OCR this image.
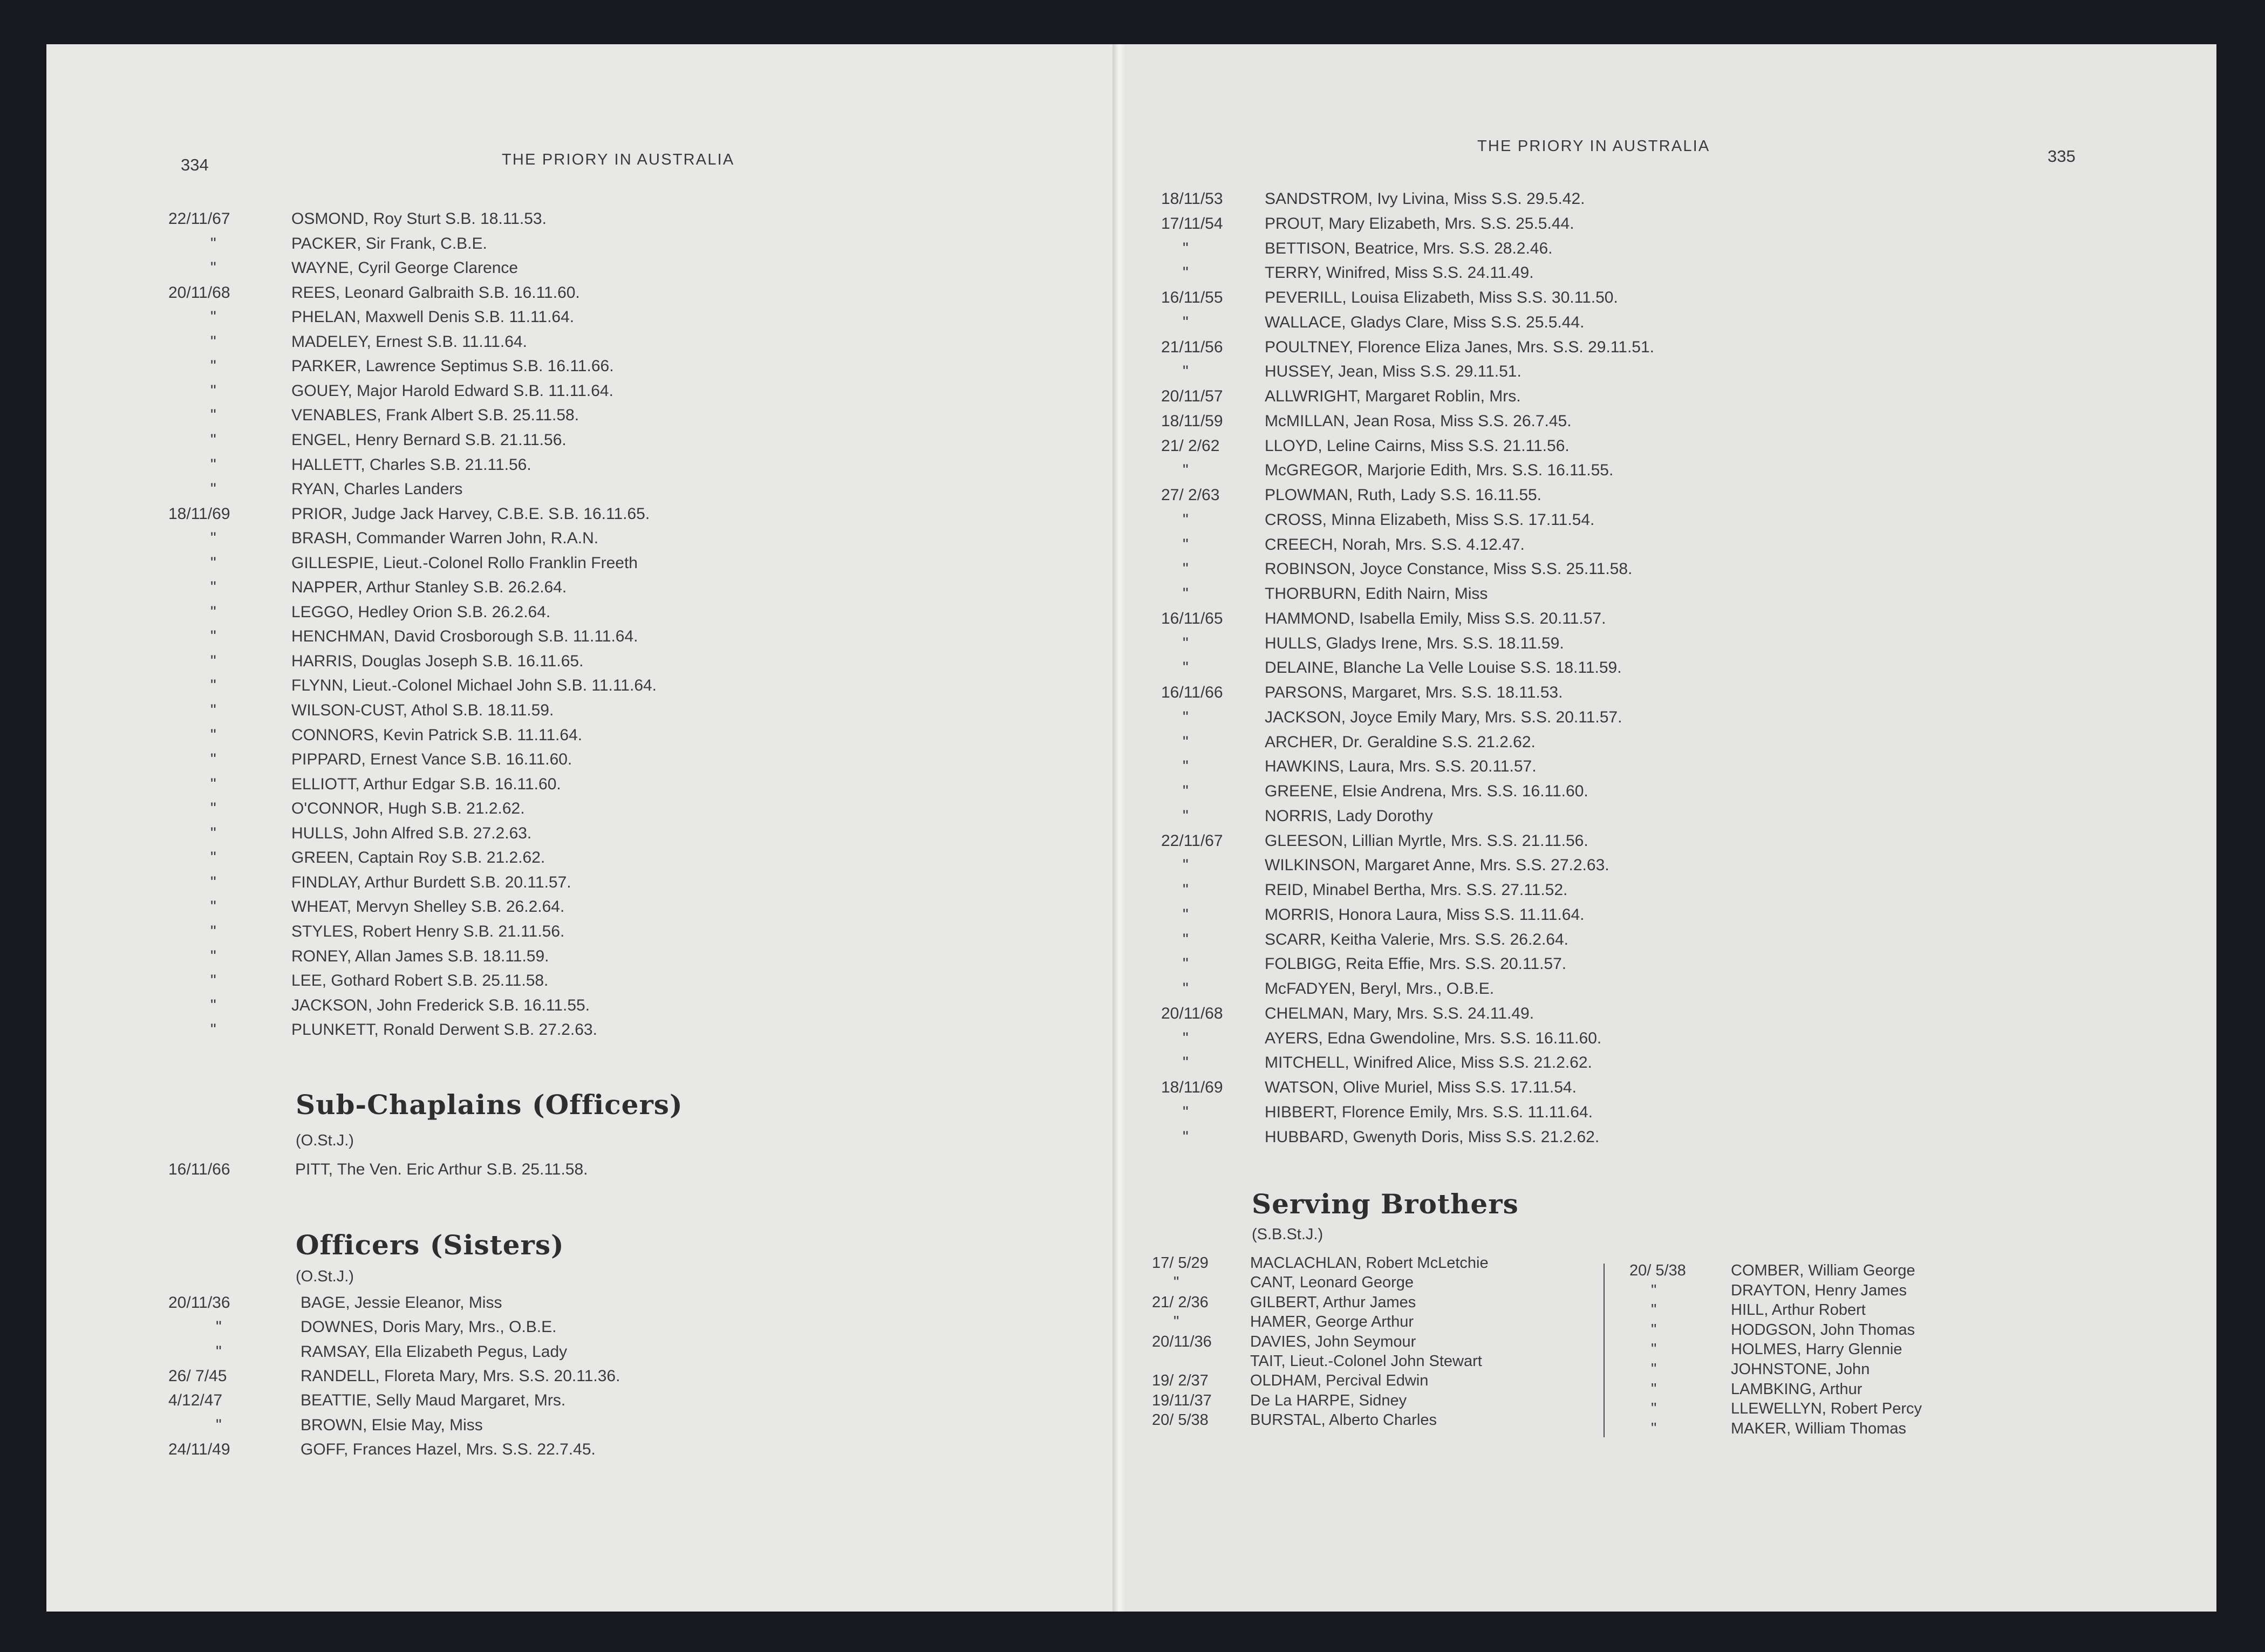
334	THE PRIORY IN AUSTRALIA
THE PRIORY IN AUSTRALIA
335
22/11/67	OSMOND, Roy Sturt S.B. 18.11.53.
"	PACKER, Sir Frank, C.B.E.
"	WAYNE, Cyril George Clarence
20/11/68	REES, Leonard Galbraith S.B. 16.11.60.
"	PHELAN, Maxwell Denis S.B. 11.11.64.
"	MADELEY, Ernest S.B. 11.11.64.
"	PARKER, Lawrence Septimus S.B. 16.11.66.
"	GOUEY, Major Harold Edward S.B. 11.11.64.
"	VENABLES, Frank Albert S.B. 25.11.58.
"	ENGEL, Henry Bernard S.B. 21.11.56.
"	HALLETT, Charles S.B. 21.11.56.
"	RYAN, Charles Landers
18/11/69	PRIOR, Judge Jack Harvey, C.B.E. S.B. 16.11.65.
"	BRASH, Commander Warren John, R.A.N.
"	GILLESPIE, Lieut.-Colonel Rollo Franklin Freeth
"	NAPPER, Arthur Stanley S.B. 26.2.64.
"	LEGGO, Hedley Orion S.B. 26.2.64.
"	HENCHMAN, David Crosborough S.B. 11.11.64.
"	HARRIS, Douglas Joseph S.B. 16.11.65.
"	FLYNN, Lieut.-Colonel Michael John S.B. 11.11.64.
"	WILSON-CUST, Athol S.B. 18.11.59.
"	CONNORS, Kevin Patrick S.B. 11.11.64.
"	PIPPARD, Ernest Vance S.B. 16.11.60.
"	ELLIOTT, Arthur Edgar S.B. 16.11.60.
"	O'CONNOR, Hugh S.B. 21.2.62.
"	HULLS, John Alfred S.B. 27.2.63.
"	GREEN, Captain Roy S.B. 21.2.62.
"	FINDLAY, Arthur Burdett S.B. 20.11.57.
"	WHEAT, Mervyn Shelley S.B. 26.2.64.
"	STYLES, Robert Henry S.B. 21.11.56.
"	RONEY, Allan James S.B. 18.11.59.
"	LEE, Gothard Robert S.B. 25.11.58.
"	JACKSON, John Frederick S.B. 16.11.55.
"	PLUNKETT, Ronald Derwent S.B. 27.2.63.
Sub-Chaplains (Officers)
(O.St.J.)
16/11/66	PITT, The Ven. Eric Arthur S.B. 25.11.58.
Officers (Sisters)
(O.St.J.)
20/11/36	BAGE, Jessie Eleanor, Miss
"	DOWNES, Doris Mary, Mrs., O.B.E.
"	RAMSAY, Ella Elizabeth Pegus, Lady
26/ 7/45	RANDELL, Floreta Mary, Mrs. S.S. 20.11.36.
4/12/47	BEATTIE, Selly Maud Margaret, Mrs.
"	BROWN, Elsie May, Miss
24/11/49	GOFF, Frances Hazel, Mrs. S.S. 22.7.45.
18/11/53	SANDSTROM, Ivy Livina, Miss S.S. 29.5.42.
17/11/54	PROUT, Mary Elizabeth, Mrs. S.S. 25.5.44.
"	BETTISON, Beatrice, Mrs. S.S. 28.2.46.
"	TERRY, Winifred, Miss S.S. 24.11.49.
16/11/55	PEVERILL, Louisa Elizabeth, Miss S.S. 30.11.50.
"	WALLACE, Gladys Clare, Miss S.S. 25.5.44.
21/11/56	POULTNEY, Florence Eliza Janes, Mrs. S.S. 29.11.51.
"	HUSSEY, Jean, Miss S.S. 29.11.51.
20/11/57	ALLWRIGHT, Margaret Roblin, Mrs.
18/11/59	McMILLAN, Jean Rosa, Miss S.S. 26.7.45.
21/ 2/62	LLOYD, Leline Cairns, Miss S.S. 21.11.56.
"	McGREGOR, Marjorie Edith, Mrs. S.S. 16.11.55.
27/ 2/63	PLOWMAN, Ruth, Lady S.S. 16.11.55.
"	CROSS, Minna Elizabeth, Miss S.S. 17.11.54.
"	CREECH, Norah, Mrs. S.S. 4.12.47.
"	ROBINSON, Joyce Constance, Miss S.S. 25.11.58.
"	THORBURN, Edith Nairn, Miss
16/11/65	HAMMOND, Isabella Emily, Miss S.S. 20.11.57.
"	HULLS, Gladys Irene, Mrs. S.S. 18.11.59.
"	DELAINE, Blanche La Velle Louise S.S. 18.11.59.
16/11/66	PARSONS, Margaret, Mrs. S.S. 18.11.53.
"	JACKSON, Joyce Emily Mary, Mrs. S.S. 20.11.57.
"	ARCHER, Dr. Geraldine S.S. 21.2.62.
"	HAWKINS, Laura, Mrs. S.S. 20.11.57.
"	GREENE, Elsie Andrena, Mrs. S.S. 16.11.60.
"	NORRIS, Lady Dorothy
22/11/67	GLEESON, Lillian Myrtle, Mrs. S.S. 21.11.56.
"	WILKINSON, Margaret Anne, Mrs. S.S. 27.2.63.
"	REID, Minabel Bertha, Mrs. S.S. 27.11.52.
"	MORRIS, Honora Laura, Miss S.S. 11.11.64.
"	SCARR, Keitha Valerie, Mrs. S.S. 26.2.64.
"	FOLBIGG, Reita Effie, Mrs. S.S. 20.11.57.
"	McFADYEN, Beryl, Mrs., O.B.E.
20/11/68	CHELMAN, Mary, Mrs. S.S. 24.11.49.
"	AYERS, Edna Gwendoline, Mrs. S.S. 16.11.60.
"	MITCHELL, Winifred Alice, Miss S.S. 21.2.62.
18/11/69	WATSON, Olive Muriel, Miss S.S. 17.11.54.
"	HIBBERT, Florence Emily, Mrs. S.S. 11.11.64.
"	HUBBARD, Gwenyth Doris, Miss S.S. 21.2.62.
Serving Brothers
(S.B.St.J.)
17/ 5/29	MACLACHLAN, Robert McLetchie
"	CANT, Leonard George
21/ 2/36	GILBERT, Arthur James
"	HAMER, George Arthur
20/11/36 DAVIES, John Seymour
TAIT, Lieut.-Colonel John Stewart
19/ 2/37	OLDHAM, Percival Edwin
19/11/37 De La HARPE, Sidney
20/ 5/38	BURSTAL, Alberto Charles
20/ 5/38	COMBER, William George
"	DRAYTON, Henry James
"	HILL, Arthur Robert
"	HODGSON, John Thomas
"	HOLMES, Harry Glennie
"	JOHNSTONE, John
"	LAMBKING, Arthur
"	LLEWELLYN, Robert Percy
"	MAKER, William Thomas
